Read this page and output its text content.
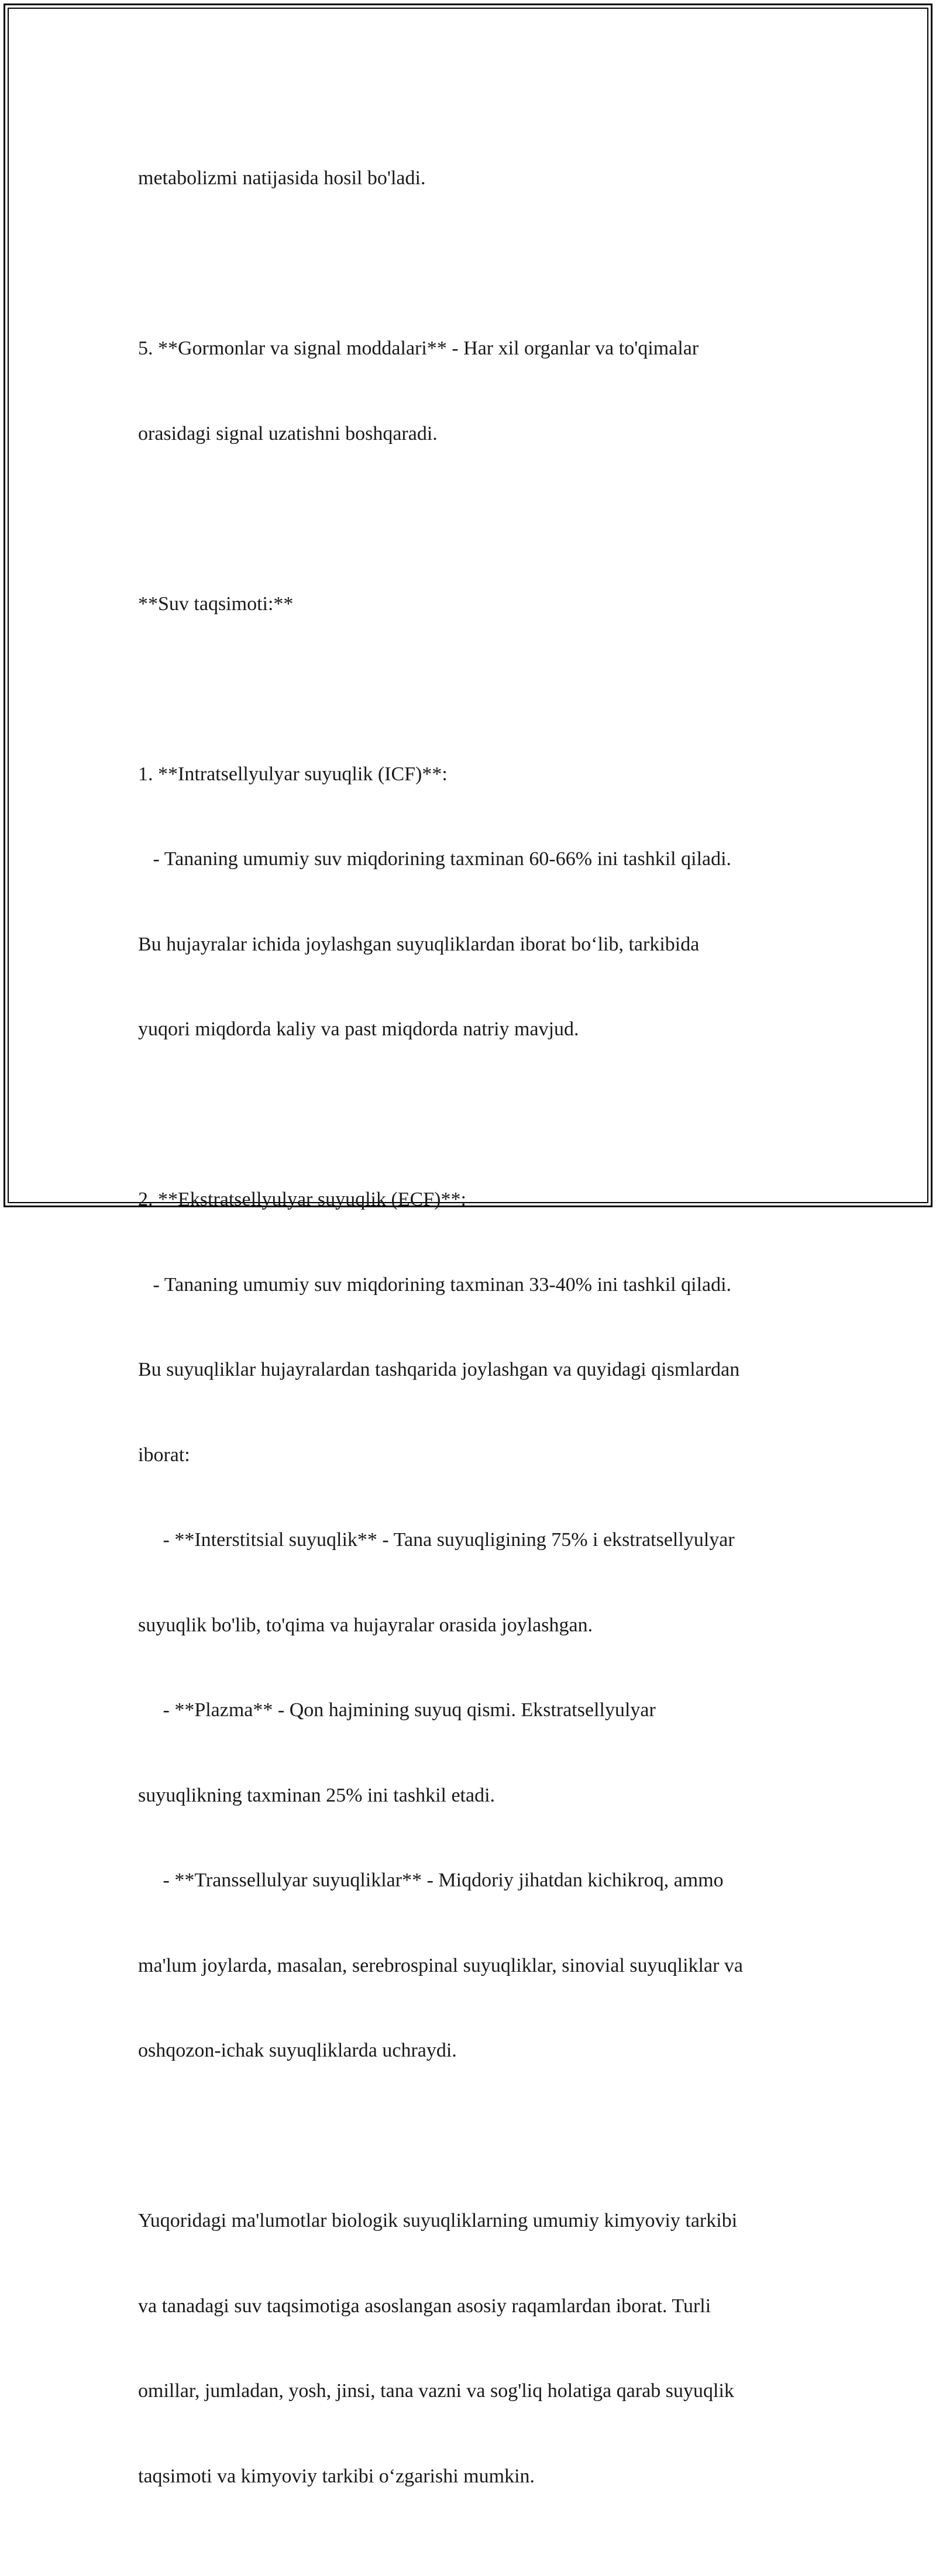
metabolizmi natijasida hosil bo'ladi.

5. **Gormonlar va signal moddalari** - Har xil organlar va to'qimalar

orasidagi signal uzatishni boshqaradi.

**Suv taqsimoti:**

1. **Intratsellyulyar suyuqlik (ICF)**:

- Tananing umumiy suv miqdorining taxminan 60-66% ini tashkil qiladi.

Bu hujayralar ichida joylashgan suyuqliklardan iborat bo‘lib, tarkibida

yuqori miqdorda kaliy va past miqdorda natriy mavjud.

2. **Ekstratsellyulyar suyuqlik (ECF)**:

- Tananing umumiy suv miqdorining taxminan 33-40% ini tashkil qiladi.

Bu suyuqliklar hujayralardan tashqarida joylashgan va quyidagi qismlardan

iborat:

- **Interstitsial suyuqlik** - Tana suyuqligining 75% i ekstratsellyulyar

suyuqlik bo'lib, to'qima va hujayralar orasida joylashgan.

- **Plazma** - Qon hajmining suyuq qismi. Ekstratsellyulyar

suyuqlikning taxminan 25% ini tashkil etadi.

- **Transsellulyar suyuqliklar** - Miqdoriy jihatdan kichikroq, ammo

ma'lum joylarda, masalan, serebrospinal suyuqliklar, sinovial suyuqliklar va

oshqozon-ichak suyuqliklarda uchraydi.

Yuqoridagi ma'lumotlar biologik suyuqliklarning umumiy kimyoviy tarkibi

va tanadagi suv taqsimotiga asoslangan asosiy raqamlardan iborat. Turli

omillar, jumladan, yosh, jinsi, tana vazni va sog'liq holatiga qarab suyuqlik

taqsimoti va kimyoviy tarkibi o‘zgarishi mumkin.
